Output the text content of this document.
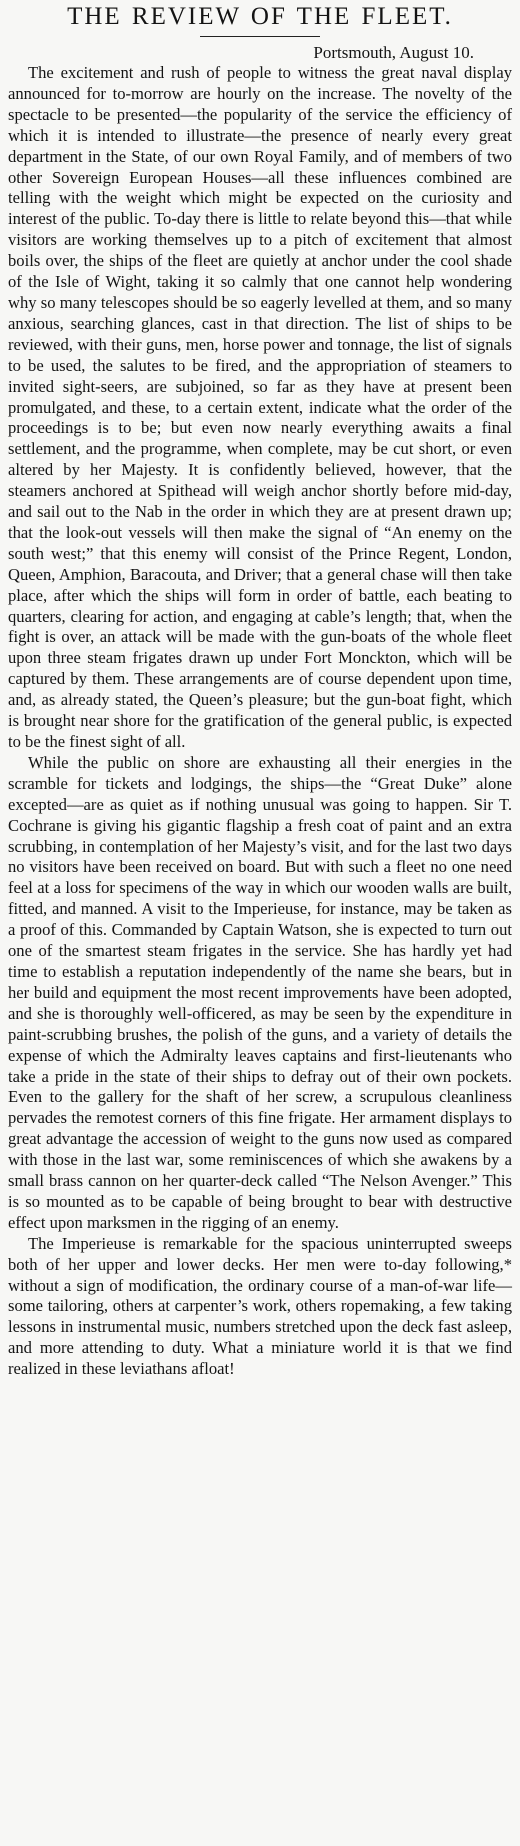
THE REVIEW OF THE FLEET.

Portsmouth, August 10.

The excitement and rush of people to witness the great naval display announced for to-morrow are hourly on the increase. The novelty of the spectacle to be presented—the popularity of the service the efficiency of which it is intended to illustrate—the presence of nearly every great department in the State, of our own Royal Family, and of members of two other Sovereign European Houses—all these influences combined are telling with the weight which might be expected on the curiosity and interest of the public. To-day there is little to relate beyond this—that while visitors are working themselves up to a pitch of excitement that almost boils over, the ships of the fleet are quietly at anchor under the cool shade of the Isle of Wight, taking it so calmly that one cannot help wondering why so many telescopes should be so eagerly levelled at them, and so many anxious, searching glances, cast in that direction. The list of ships to be reviewed, with their guns, men, horse power and tonnage, the list of signals to be used, the salutes to be fired, and the appropriation of steamers to invited sight-seers, are subjoined, so far as they have at present been promulgated, and these, to a certain extent, indicate what the order of the proceedings is to be; but even now nearly everything awaits a final settlement, and the programme, when complete, may be cut short, or even altered by her Majesty. It is confidently believed, however, that the steamers anchored at Spithead will weigh anchor shortly before mid-day, and sail out to the Nab in the order in which they are at present drawn up; that the look-out vessels will then make the signal of “An enemy on the south west;” that this enemy will consist of the Prince Regent, London, Queen, Amphion, Baracouta, and Driver; that a general chase will then take place, after which the ships will form in order of battle, each beating to quarters, clearing for action, and engaging at cable’s length; that, when the fight is over, an attack will be made with the gun-boats of the whole fleet upon three steam frigates drawn up under Fort Monckton, which will be captured by them. These arrangements are of course dependent upon time, and, as already stated, the Queen’s pleasure; but the gun-boat fight, which is brought near shore for the gratification of the general public, is expected to be the finest sight of all.

While the public on shore are exhausting all their energies in the scramble for tickets and lodgings, the ships—the “Great Duke” alone excepted—are as quiet as if nothing unusual was going to happen. Sir T. Cochrane is giving his gigantic flagship a fresh coat of paint and an extra scrubbing, in contemplation of her Majesty’s visit, and for the last two days no visitors have been received on board. But with such a fleet no one need feel at a loss for specimens of the way in which our wooden walls are built, fitted, and manned. A visit to the Imperieuse, for instance, may be taken as a proof of this. Commanded by Captain Watson, she is expected to turn out one of the smartest steam frigates in the service. She has hardly yet had time to establish a reputation independently of the name she bears, but in her build and equipment the most recent improvements have been adopted, and she is thoroughly well-officered, as may be seen by the expenditure in paint-scrubbing brushes, the polish of the guns, and a variety of details the expense of which the Admiralty leaves captains and first-lieutenants who take a pride in the state of their ships to defray out of their own pockets. Even to the gallery for the shaft of her screw, a scrupulous cleanliness pervades the remotest corners of this fine frigate. Her armament displays to great advantage the accession of weight to the guns now used as compared with those in the last war, some reminiscences of which she awakens by a small brass cannon on her quarter-deck called “The Nelson Avenger.” This is so mounted as to be capable of being brought to bear with destructive effect upon marksmen in the rigging of an enemy.

The Imperieuse is remarkable for the spacious uninterrupted sweeps both of her upper and lower decks. Her men were to-day following,* without a sign of modification, the ordinary course of a man-of-war life—some tailoring, others at carpenter’s work, others ropemaking, a few taking lessons in instrumental music, numbers stretched upon the deck fast asleep, and more attending to duty. What a miniature world it is that we find realized in these leviathans afloat!
